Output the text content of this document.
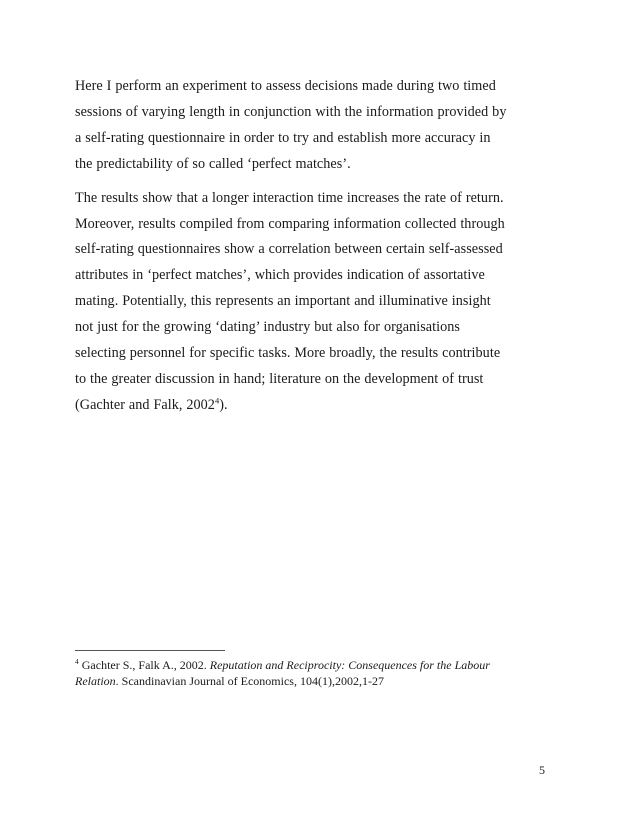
Here I perform an experiment to assess decisions made during two timed
sessions of varying length in conjunction with the information provided by
a self-rating questionnaire in order to try and establish more accuracy in
the predictability of so called ‘perfect matches’.

The results show that a longer interaction time increases the rate of return.
Moreover, results compiled from comparing information collected through
self-rating questionnaires show a correlation between certain self-assessed
attributes in ‘perfect matches’, which provides indication of assortative
mating. Potentially, this represents an important and illuminative insight
not just for the growing ‘dating’ industry but also for organisations
selecting personnel for specific tasks. More broadly, the results contribute
to the greater discussion in hand; literature on the development of trust
(Gachter and Falk, 2002$^4$).

$^4$ Gachter S., Falk A., 2002. Reputation and Reciprocity: Consequences for the Labour
Relation. Scandinavian Journal of Economics, 104(1),2002,1-27

5
